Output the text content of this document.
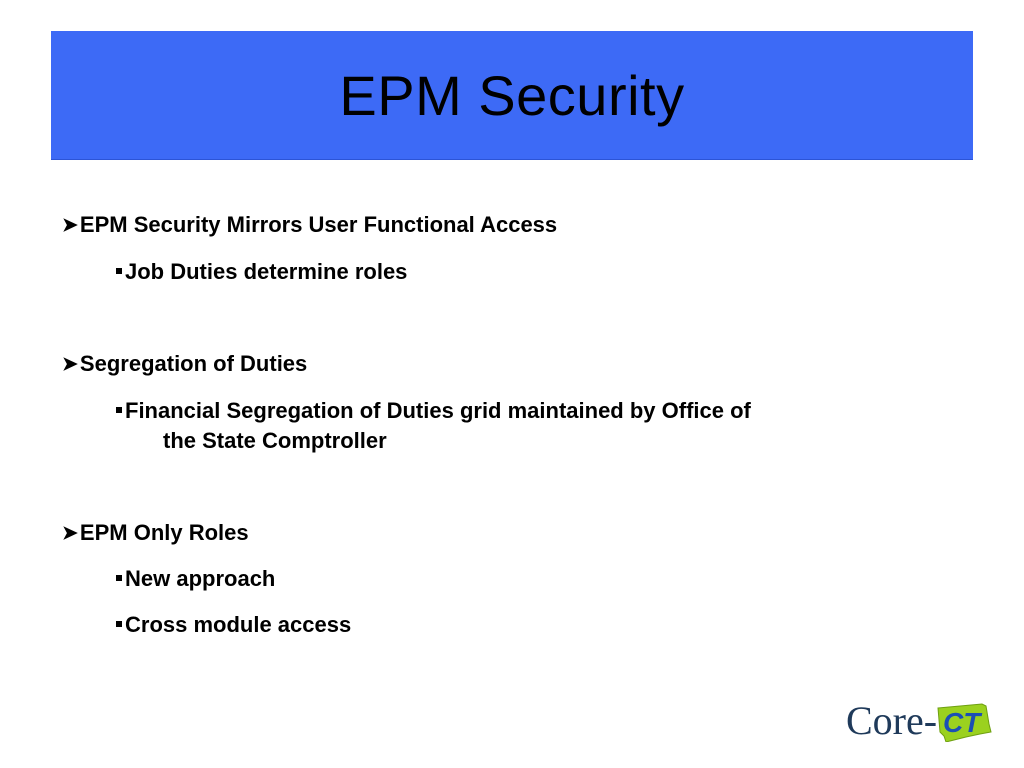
EPM Security
➤EPM Security Mirrors User Functional Access
Job Duties determine roles
➤Segregation of Duties
Financial Segregation of Duties grid maintained by Office of
the State Comptroller
➤EPM Only Roles
New approach
Cross module access
Core- CT
